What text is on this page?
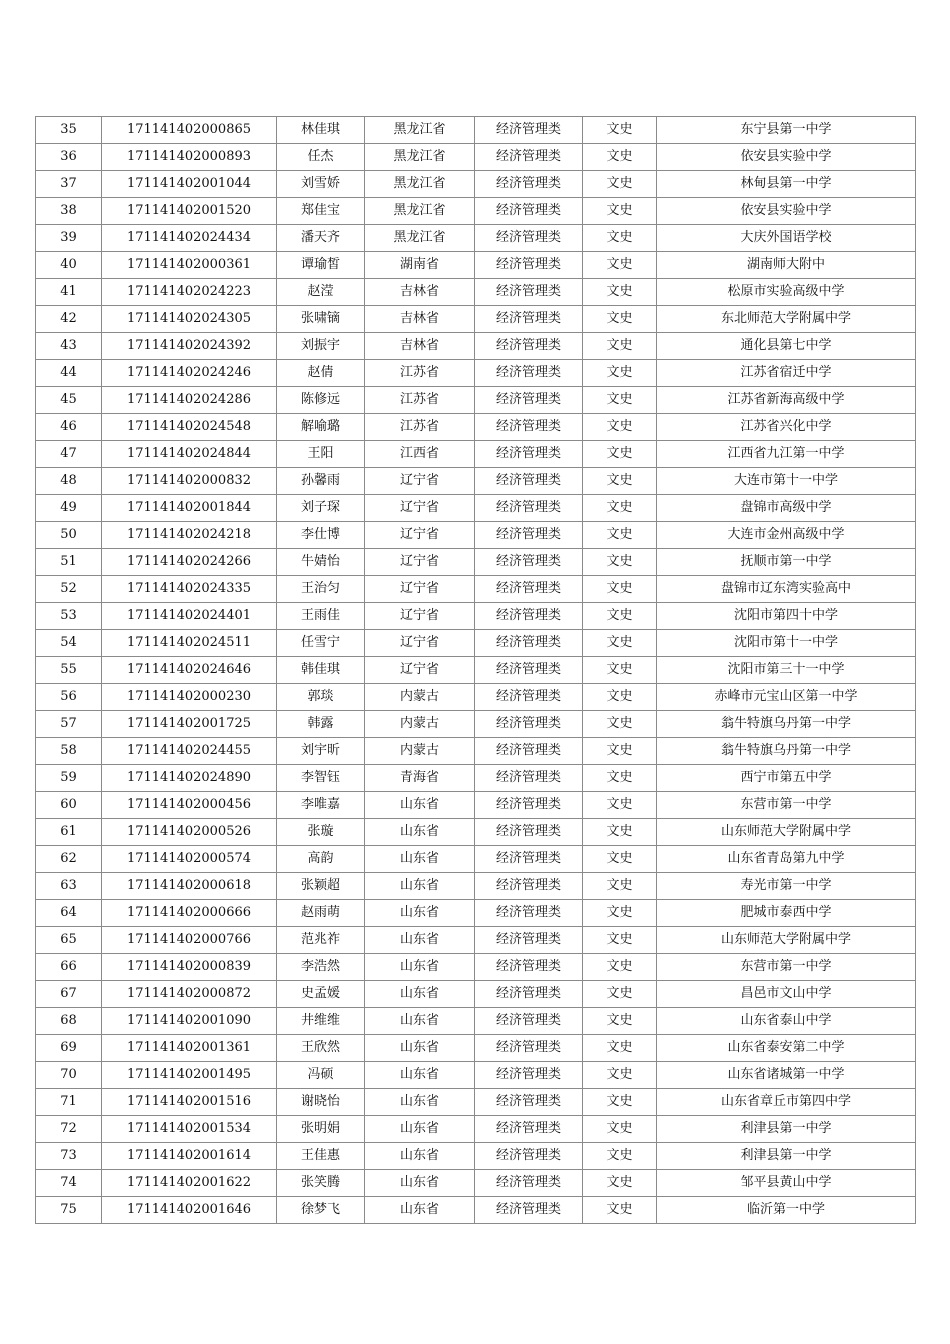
35	171141402000865	林佳琪	黑龙江省	经济管理类	文史	东宁县第一中学
36	171141402000893	任杰	黑龙江省	经济管理类	文史	依安县实验中学
37	171141402001044	刘雪娇	黑龙江省	经济管理类	文史	林甸县第一中学
38	171141402001520	郑佳宝	黑龙江省	经济管理类	文史	依安县实验中学
39	171141402024434	潘天齐	黑龙江省	经济管理类	文史	大庆外国语学校
40	171141402000361	谭瑜皙	湖南省	经济管理类	文史	湖南师大附中
41	171141402024223	赵滢	吉林省	经济管理类	文史	松原市实验高级中学
42	171141402024305	张啸镝	吉林省	经济管理类	文史	东北师范大学附属中学
43	171141402024392	刘振宇	吉林省	经济管理类	文史	通化县第七中学
44	171141402024246	赵倩	江苏省	经济管理类	文史	江苏省宿迁中学
45	171141402024286	陈修远	江苏省	经济管理类	文史	江苏省新海高级中学
46	171141402024548	解喻璐	江苏省	经济管理类	文史	江苏省兴化中学
47	171141402024844	王阳	江西省	经济管理类	文史	江西省九江第一中学
48	171141402000832	孙馨雨	辽宁省	经济管理类	文史	大连市第十一中学
49	171141402001844	刘子琛	辽宁省	经济管理类	文史	盘锦市高级中学
50	171141402024218	李仕博	辽宁省	经济管理类	文史	大连市金州高级中学
51	171141402024266	牛婧怡	辽宁省	经济管理类	文史	抚顺市第一中学
52	171141402024335	王治匀	辽宁省	经济管理类	文史	盘锦市辽东湾实验高中
53	171141402024401	王雨佳	辽宁省	经济管理类	文史	沈阳市第四十中学
54	171141402024511	任雪宁	辽宁省	经济管理类	文史	沈阳市第十一中学
55	171141402024646	韩佳琪	辽宁省	经济管理类	文史	沈阳市第三十一中学
56	171141402000230	郭琰	内蒙古	经济管理类	文史	赤峰市元宝山区第一中学
57	171141402001725	韩露	内蒙古	经济管理类	文史	翁牛特旗乌丹第一中学
58	171141402024455	刘宇昕	内蒙古	经济管理类	文史	翁牛特旗乌丹第一中学
59	171141402024890	李智钰	青海省	经济管理类	文史	西宁市第五中学
60	171141402000456	李唯嘉	山东省	经济管理类	文史	东营市第一中学
61	171141402000526	张璇	山东省	经济管理类	文史	山东师范大学附属中学
62	171141402000574	高韵	山东省	经济管理类	文史	山东省青岛第九中学
63	171141402000618	张颖超	山东省	经济管理类	文史	寿光市第一中学
64	171141402000666	赵雨萌	山东省	经济管理类	文史	肥城市泰西中学
65	171141402000766	范兆祚	山东省	经济管理类	文史	山东师范大学附属中学
66	171141402000839	李浩然	山东省	经济管理类	文史	东营市第一中学
67	171141402000872	史孟媛	山东省	经济管理类	文史	昌邑市文山中学
68	171141402001090	井维维	山东省	经济管理类	文史	山东省泰山中学
69	171141402001361	王欣然	山东省	经济管理类	文史	山东省泰安第二中学
70	171141402001495	冯硕	山东省	经济管理类	文史	山东省诸城第一中学
71	171141402001516	谢晓怡	山东省	经济管理类	文史	山东省章丘市第四中学
72	171141402001534	张明娟	山东省	经济管理类	文史	利津县第一中学
73	171141402001614	王佳惠	山东省	经济管理类	文史	利津县第一中学
74	171141402001622	张笑腾	山东省	经济管理类	文史	邹平县黄山中学
75	171141402001646	徐梦飞	山东省	经济管理类	文史	临沂第一中学
